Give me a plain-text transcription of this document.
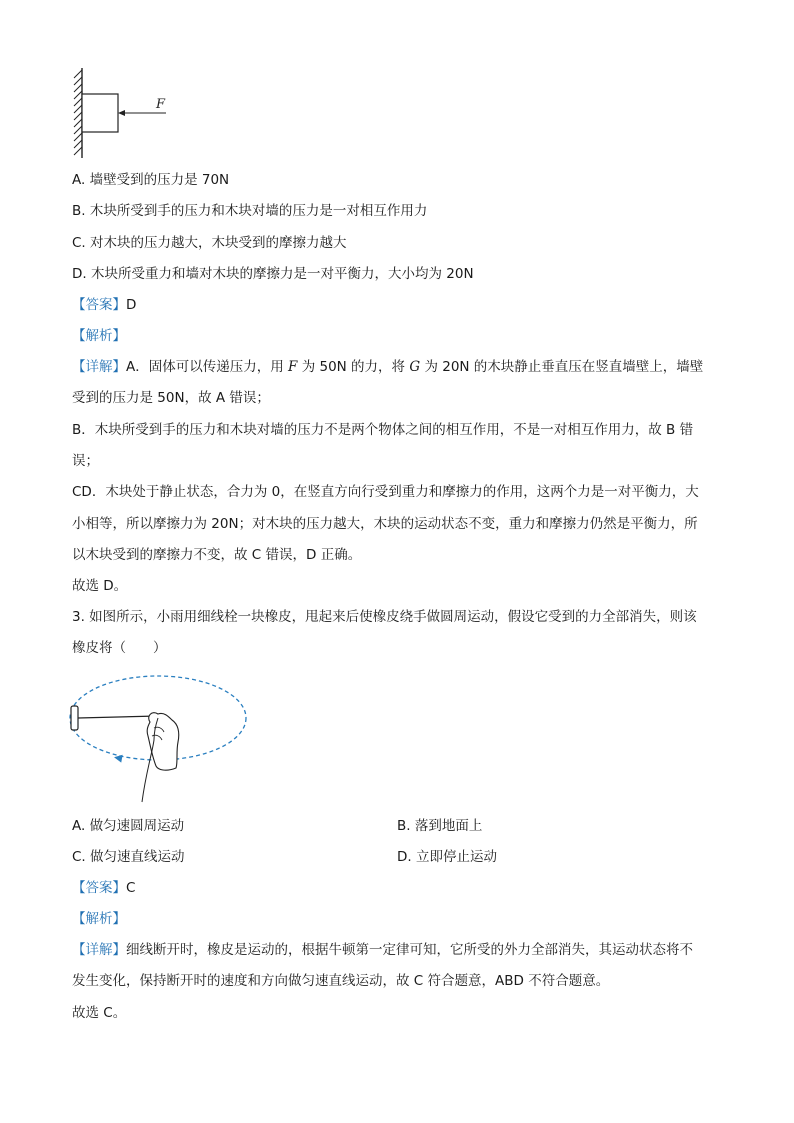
F
A. 墙壁受到的压力是 70N
B. 木块所受到手的压力和木块对墙的压力是一对相互作用力
C. 对木块的压力越大，木块受到的摩擦力越大
D. 木块所受重力和墙对木块的摩擦力是一对平衡力，大小均为 20N
【答案】D
【解析】
【详解】A．固体可以传递压力，用 F 为 50N 的力，将 G 为 20N 的木块静止垂直压在竖直墙壁上，墙壁
受到的压力是 50N，故 A 错误；
B．木块所受到手的压力和木块对墙的压力不是两个物体之间的相互作用，不是一对相互作用力，故 B 错
误；
CD．木块处于静止状态，合力为 0，在竖直方向行受到重力和摩擦力的作用，这两个力是一对平衡力，大
小相等，所以摩擦力为 20N；对木块的压力越大，木块的运动状态不变，重力和摩擦力仍然是平衡力，所
以木块受到的摩擦力不变，故 C 错误，D 正确。
故选 D。
3. 如图所示，小雨用细线栓一块橡皮，甩起来后使橡皮绕手做圆周运动，假设它受到的力全部消失，则该
橡皮将（　　）
A. 做匀速圆周运动	B. 落到地面上
C. 做匀速直线运动	D. 立即停止运动
【答案】C
【解析】
【详解】细线断开时，橡皮是运动的，根据牛顿第一定律可知，它所受的外力全部消失，其运动状态将不
发生变化，保持断开时的速度和方向做匀速直线运动，故 C 符合题意，ABD 不符合题意。
故选 C。
